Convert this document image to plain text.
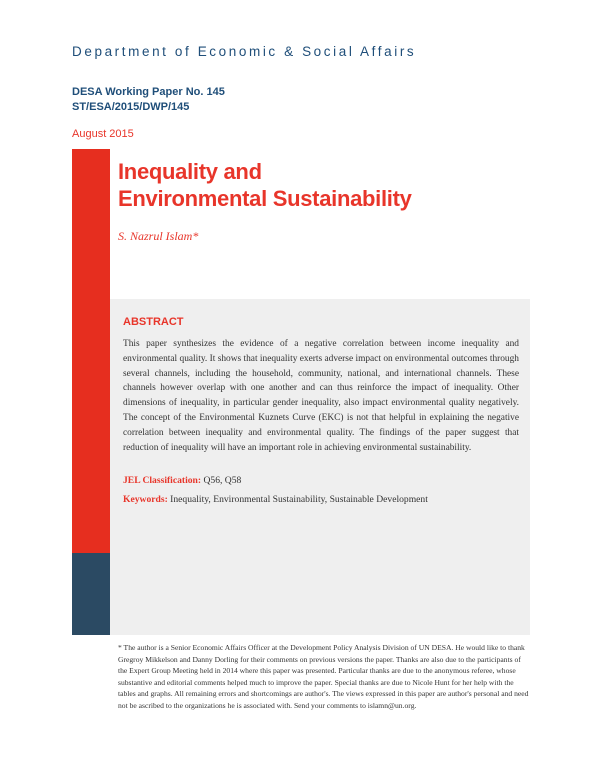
Department of Economic & Social Affairs
DESA Working Paper No. 145
ST/ESA/2015/DWP/145
August 2015
Inequality and
Environmental Sustainability
S. Nazrul Islam*
ABSTRACT

This paper synthesizes the evidence of a negative correlation between income inequality and environmental quality. It shows that inequality exerts adverse impact on environmental outcomes through several channels, including the household, community, national, and international channels. These channels however overlap with one another and can thus reinforce the impact of inequality. Other dimensions of inequality, in particular gender inequality, also impact environmental quality negatively. The concept of the Environmental Kuznets Curve (EKC) is not that helpful in explaining the negative correlation between inequality and environmental quality. The findings of the paper suggest that reduction of inequality will have an important role in achieving environmental sustainability.

JEL Classification: Q56, Q58
Keywords: Inequality, Environmental Sustainability, Sustainable Development

* The author is a Senior Economic Affairs Officer at the Development Policy Analysis Division of UN DESA. He would like to thank Gregroy Mikkelson and Danny Dorling for their comments on previous versions the paper. Thanks are also due to the participants of the Expert Group Meeting held in 2014 where this paper was presented. Particular thanks are due to the anonymous referee, whose substantive and editorial comments helped much to improve the paper. Special thanks are due to Nicole Hunt for her help with the tables and graphs. All remaining errors and shortcomings are author's. The views expressed in this paper are author's personal and need not be ascribed to the organizations he is associated with. Send your comments to islamn@un.org.
